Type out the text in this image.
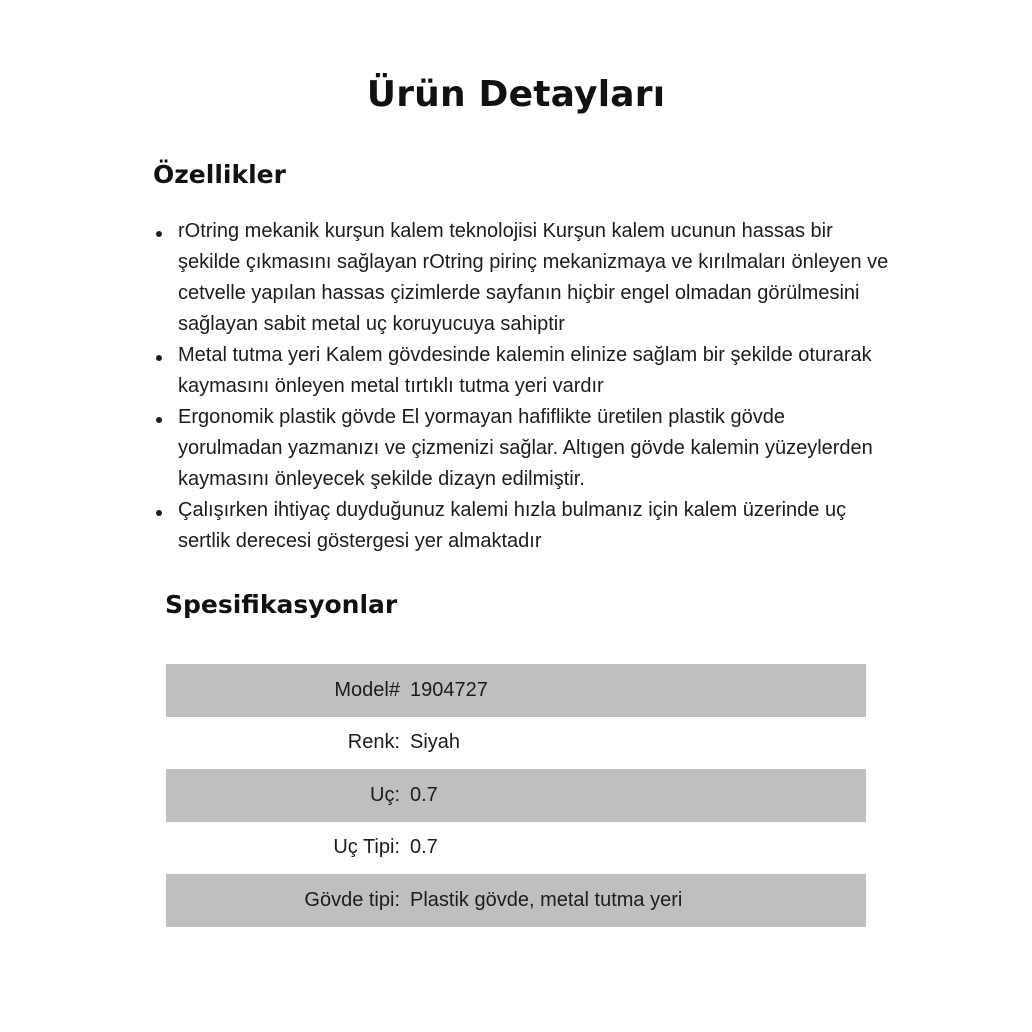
Ürün Detayları
Özellikler
rOtring mekanik kurşun kalem teknolojisi Kurşun kalem ucunun hassas bir şekilde çıkmasını sağlayan rOtring pirinç mekanizmaya ve kırılmaları önleyen ve cetvelle yapılan hassas çizimlerde sayfanın hiçbir engel olmadan görülmesini sağlayan sabit metal uç koruyucuya sahiptir
Metal tutma yeri Kalem gövdesinde kalemin elinize sağlam bir şekilde oturarak kaymasını önleyen metal tırtıklı tutma yeri vardır
Ergonomik plastik gövde El yormayan hafiflikte üretilen plastik gövde yorulmadan yazmanızı ve çizmenizi sağlar. Altıgen gövde kalemin yüzeylerden kaymasını önleyecek şekilde dizayn edilmiştir.
Çalışırken ihtiyaç duyduğunuz kalemi hızla bulmanız için kalem üzerinde uç sertlik derecesi göstergesi yer almaktadır
Spesifikasyonlar
Model# 1904727
Renk: Siyah
Uç: 0.7
Uç Tipi: 0.7
Gövde tipi: Plastik gövde, metal tutma yeri
